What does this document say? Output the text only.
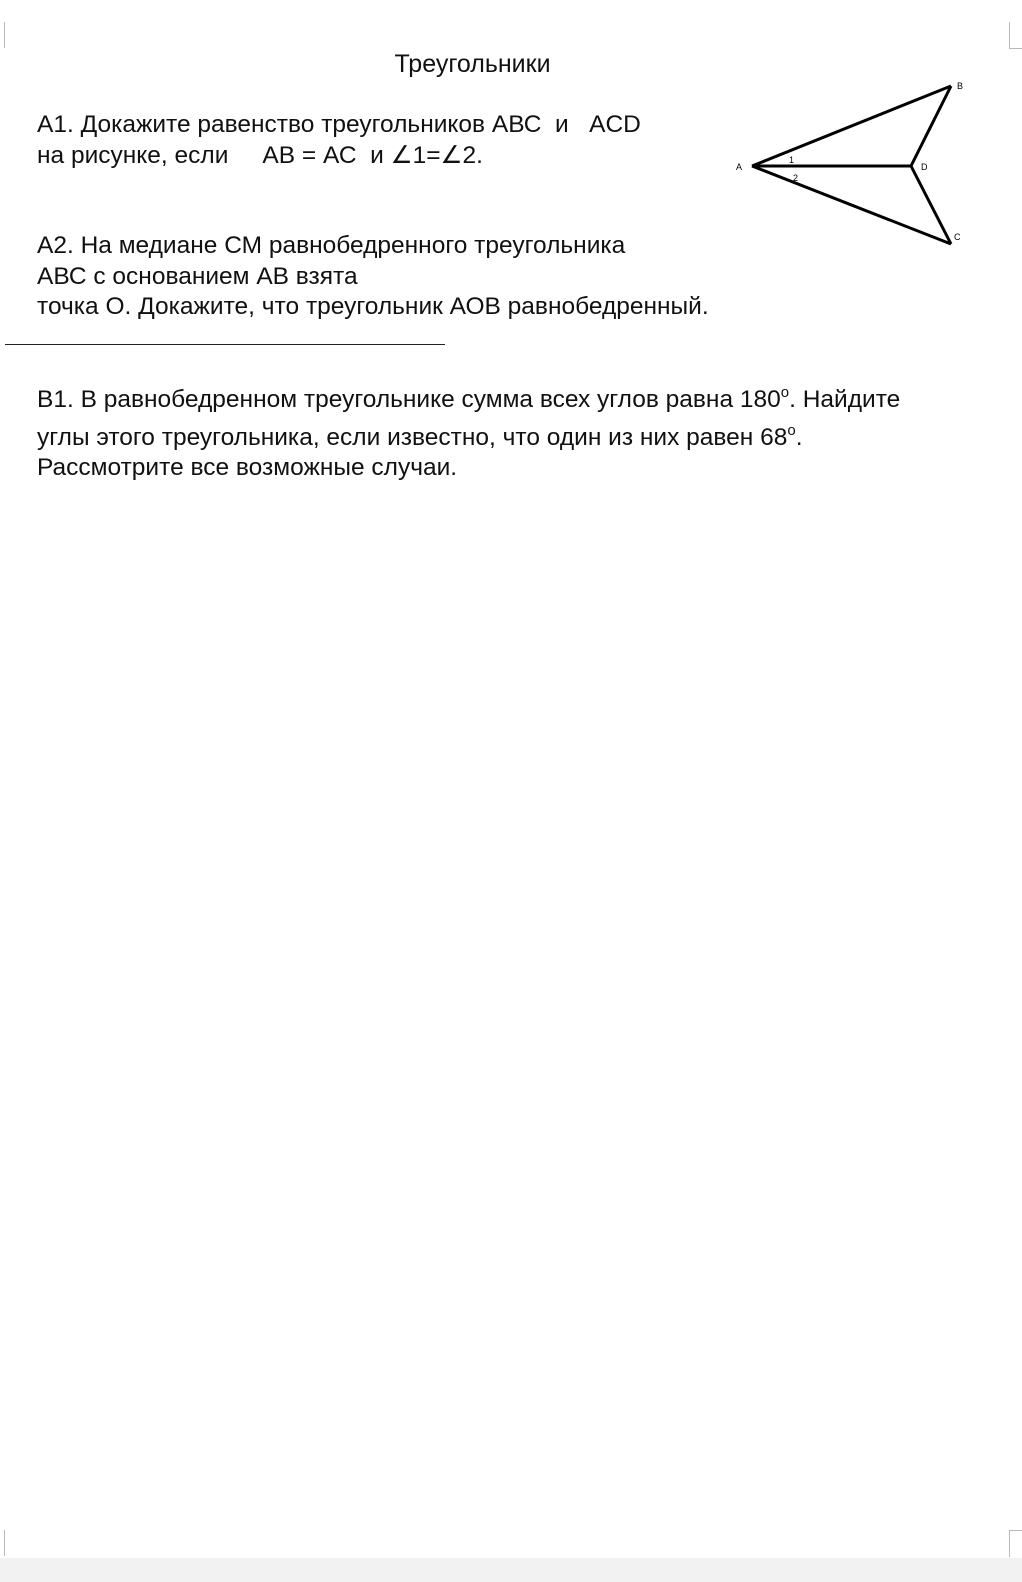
Треугольники

А1. Докажите равенство треугольников АВС  и   ACD
на рисунке, если     АВ = АС  и ∠1=∠2.	A
B
D
C
1
2

А2. На медиане СМ равнобедренного треугольника
АВС с основанием АВ взята
точка О. Докажите, что треугольник АОВ равнобедренный.

В1. В равнобедренном треугольнике сумма всех углов равна 180$^o$. Найдите
углы этого треугольника, если известно, что один из них равен 68$^o$.
Рассмотрите все возможные случаи.
